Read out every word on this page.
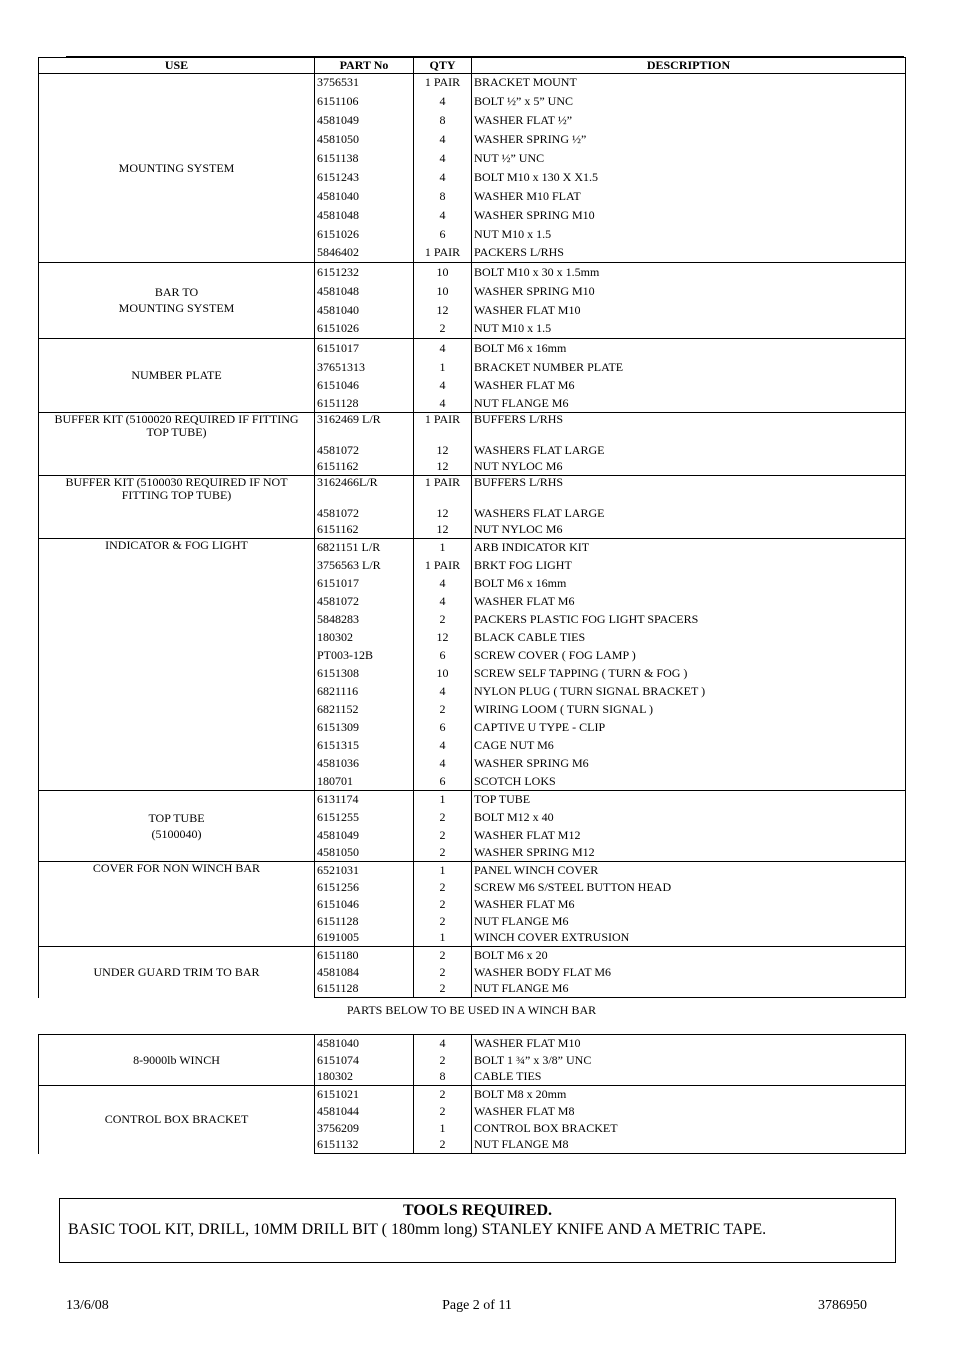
USE	PART No	QTY	DESCRIPTION

MOUNTING SYSTEM	3756531	1 PAIR	BRACKET MOUNT
	6151106	4	BOLT ½” x 5” UNC
	4581049	8	WASHER FLAT ½”
	4581050	4	WASHER SPRING ½”
	6151138	4	NUT ½” UNC
	6151243	4	BOLT M10 x 130 X X1.5
	4581040	8	WASHER M10 FLAT
	4581048	4	WASHER SPRING M10
	6151026	6	NUT M10 x 1.5
	5846402	1 PAIR	PACKERS L/RHS

BAR TO
MOUNTING SYSTEM	6151232	10	BOLT M10 x 30 x 1.5mm
	4581048	10	WASHER SPRING M10
	4581040	12	WASHER FLAT M10
	6151026	2	NUT M10 x 1.5

NUMBER PLATE	6151017	4	BOLT M6 x 16mm
	37651313	1	BRACKET NUMBER PLATE
	6151046	4	WASHER FLAT M6
	6151128	4	NUT FLANGE M6

BUFFER KIT (5100020 REQUIRED IF FITTING
TOP TUBE)	3162469 L/R	1 PAIR	BUFFERS L/RHS
	4581072	12	WASHERS FLAT LARGE
	6151162	12	NUT NYLOC M6

BUFFER KIT (5100030 REQUIRED IF NOT
FITTING TOP TUBE)	3162466L/R	1 PAIR	BUFFERS L/RHS
	4581072	12	WASHERS FLAT LARGE
	6151162	12	NUT NYLOC M6

INDICATOR & FOG LIGHT	6821151 L/R	1	ARB INDICATOR KIT
	3756563 L/R	1 PAIR	BRKT FOG LIGHT
	6151017	4	BOLT M6 x 16mm
	4581072	4	WASHER FLAT M6
	5848283	2	PACKERS PLASTIC FOG LIGHT SPACERS
	180302	12	BLACK CABLE TIES
	PT003-12B	6	SCREW COVER ( FOG LAMP )
	6151308	10	SCREW SELF TAPPING ( TURN & FOG )
	6821116	4	NYLON PLUG ( TURN SIGNAL BRACKET )
	6821152	2	WIRING LOOM ( TURN SIGNAL )
	6151309	6	CAPTIVE U TYPE - CLIP
	6151315	4	CAGE NUT M6
	4581036	4	WASHER SPRING M6
	180701	6	SCOTCH LOKS

TOP TUBE
(5100040)	6131174	1	TOP TUBE
	6151255	2	BOLT M12 x 40
	4581049	2	WASHER FLAT M12
	4581050	2	WASHER SPRING M12

COVER FOR NON WINCH BAR	6521031	1	PANEL WINCH COVER
	6151256	2	SCREW M6 S/STEEL BUTTON HEAD
	6151046	2	WASHER FLAT M6
	6151128	2	NUT FLANGE M6
	6191005	1	WINCH COVER EXTRUSION

UNDER GUARD TRIM TO BAR	6151180	2	BOLT M6 x 20
	4581084	2	WASHER BODY FLAT M6
	6151128	2	NUT FLANGE M6
PARTS BELOW TO BE USED IN A WINCH BAR
8-9000lb WINCH	4581040	4	WASHER FLAT M10
	6151074	2	BOLT 1 ¾” x 3/8” UNC
	180302	8	CABLE TIES

CONTROL BOX BRACKET	6151021	2	BOLT M8 x 20mm
	4581044	2	WASHER FLAT M8
	3756209	1	CONTROL BOX BRACKET
	6151132	2	NUT FLANGE M8
TOOLS REQUIRED.
BASIC TOOL KIT, DRILL, 10MM DRILL BIT ( 180mm long) STANLEY KNIFE AND A METRIC TAPE.
Page 2 of 11
13/6/08	3786950
